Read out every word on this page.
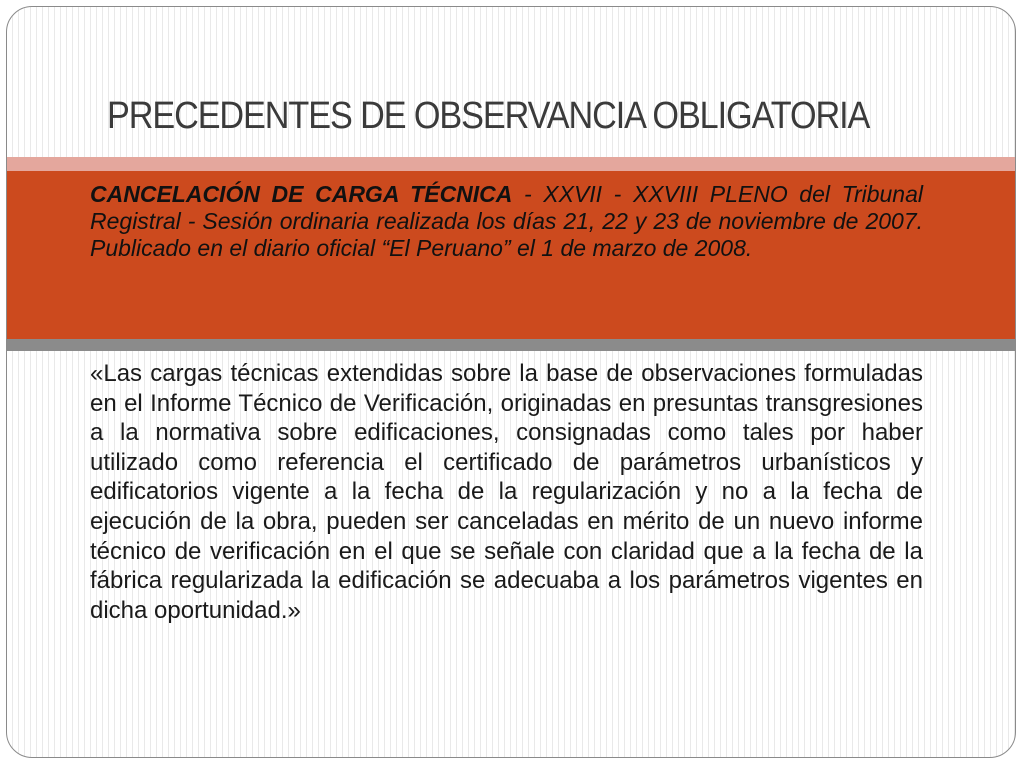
PRECEDENTES DE OBSERVANCIA OBLIGATORIA

CANCELACIÓN DE CARGA TÉCNICA - XXVII - XXVIII PLENO del Tribunal Registral - Sesión ordinaria realizada los días 21, 22 y 23 de noviembre de 2007. Publicado en el diario oficial “El Peruano” el 1 de marzo de 2008.

«Las cargas técnicas extendidas sobre la base de observaciones formuladas en el Informe Técnico de Verificación, originadas en presuntas transgresiones a la normativa sobre edificaciones, consignadas como tales por haber utilizado como referencia el certificado de parámetros urbanísticos y edificatorios vigente a la fecha de la regularización y no a la fecha de ejecución de la obra, pueden ser canceladas en mérito de un nuevo informe técnico de verificación en el que se señale con claridad que a la fecha de la fábrica regularizada la edificación se adecuaba a los parámetros vigentes en dicha oportunidad.»
